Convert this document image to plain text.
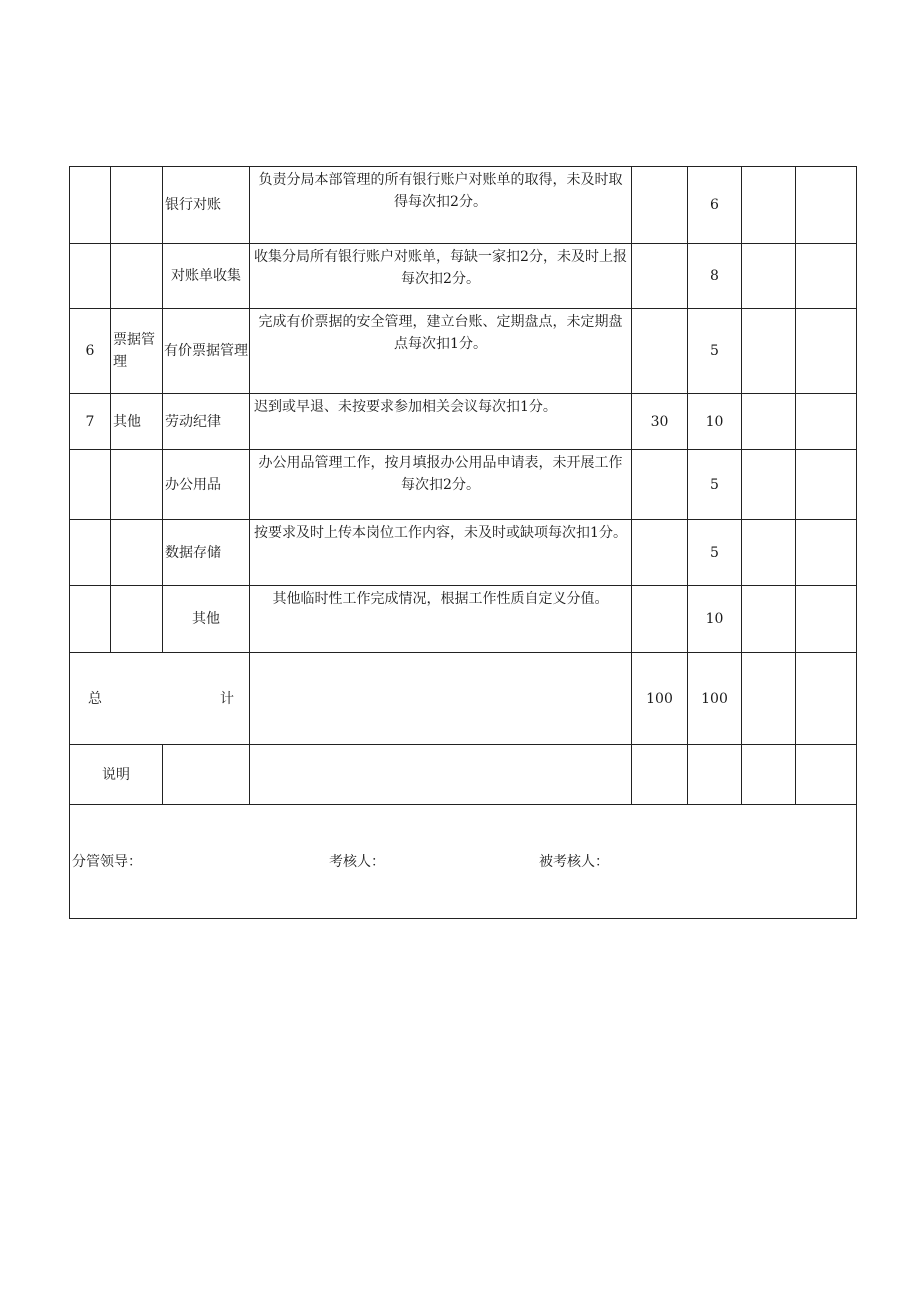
		银行对账	负责分局本部管理的所有银行账户对账单的取得，未及时取得每次扣2分。		6		
		对账单收集	收集分局所有银行账户对账单，每缺一家扣2分，未及时上报每次扣2分。		8		
6	票据管理	有价票据管理	完成有价票据的安全管理，建立台账、定期盘点，未定期盘点每次扣1分。		5		
7	其他	劳动纪律	迟到或早退、未按要求参加相关会议每次扣1分。	30	10		
		办公用品	办公用品管理工作，按月填报办公用品申请表，未开展工作每次扣2分。		5		
		数据存储	按要求及时上传本岗位工作内容，未及时或缺项每次扣1分。		5		
		其他	其他临时性工作完成情况，根据工作性质自定义分值。		10		

总 计				100	100		
说明							

分管领导： 考核人： 被考核人：							
